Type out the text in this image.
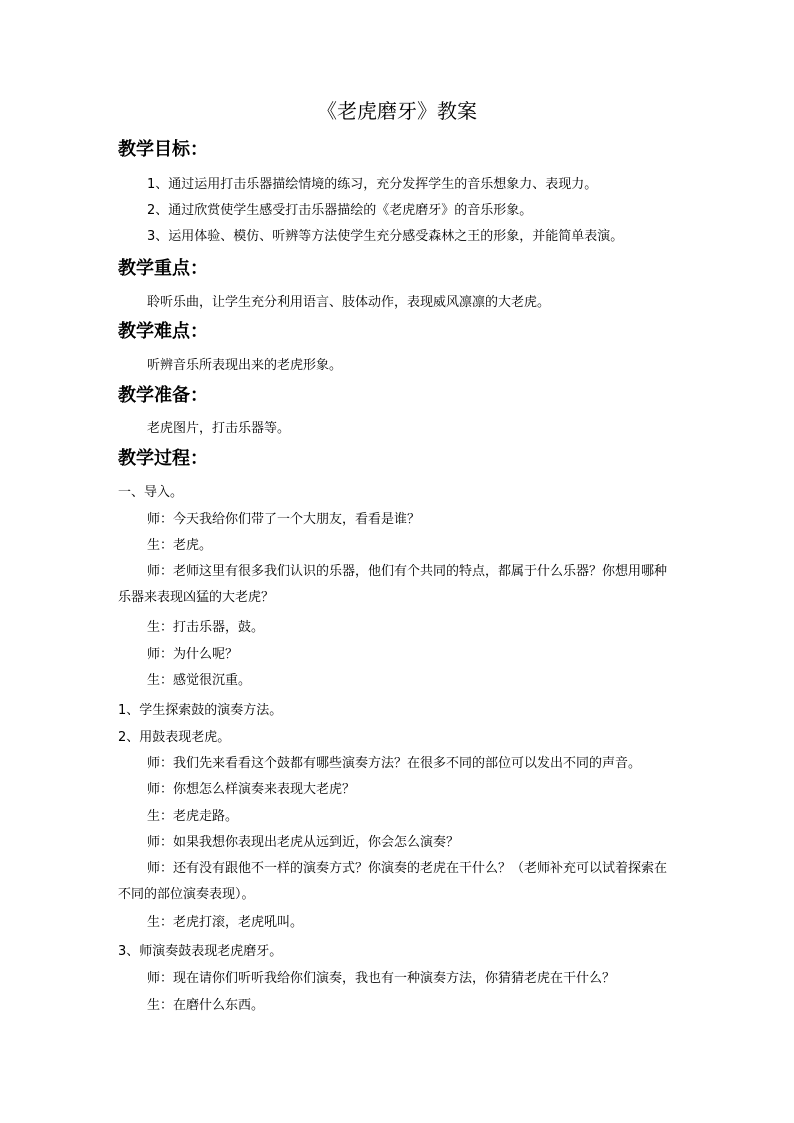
《老虎磨牙》教案
教学目标：
1、通过运用打击乐器描绘情境的练习，充分发挥学生的音乐想象力、表现力。
2、通过欣赏使学生感受打击乐器描绘的《老虎磨牙》的音乐形象。
3、运用体验、模仿、听辨等方法使学生充分感受森林之王的形象，并能简单表演。
教学重点：
聆听乐曲，让学生充分利用语言、肢体动作，表现威风凛凛的大老虎。
教学难点：
听辨音乐所表现出来的老虎形象。
教学准备：
老虎图片，打击乐器等。
教学过程：
一、导入。
师：今天我给你们带了一个大朋友，看看是谁？
生：老虎。
师：老师这里有很多我们认识的乐器，他们有个共同的特点，都属于什么乐器？你想用哪种乐器来表现凶猛的大老虎？
生：打击乐器，鼓。
师：为什么呢？
生：感觉很沉重。
1、学生探索鼓的演奏方法。
2、用鼓表现老虎。
师：我们先来看看这个鼓都有哪些演奏方法？在很多不同的部位可以发出不同的声音。
师：你想怎么样演奏来表现大老虎？
生：老虎走路。
师：如果我想你表现出老虎从远到近，你会怎么演奏？
师：还有没有跟他不一样的演奏方式？你演奏的老虎在干什么？（老师补充可以试着探索在不同的部位演奏表现）。
生：老虎打滚，老虎吼叫。
3、师演奏鼓表现老虎磨牙。
师：现在请你们听听我给你们演奏，我也有一种演奏方法，你猜猜老虎在干什么？
生：在磨什么东西。
